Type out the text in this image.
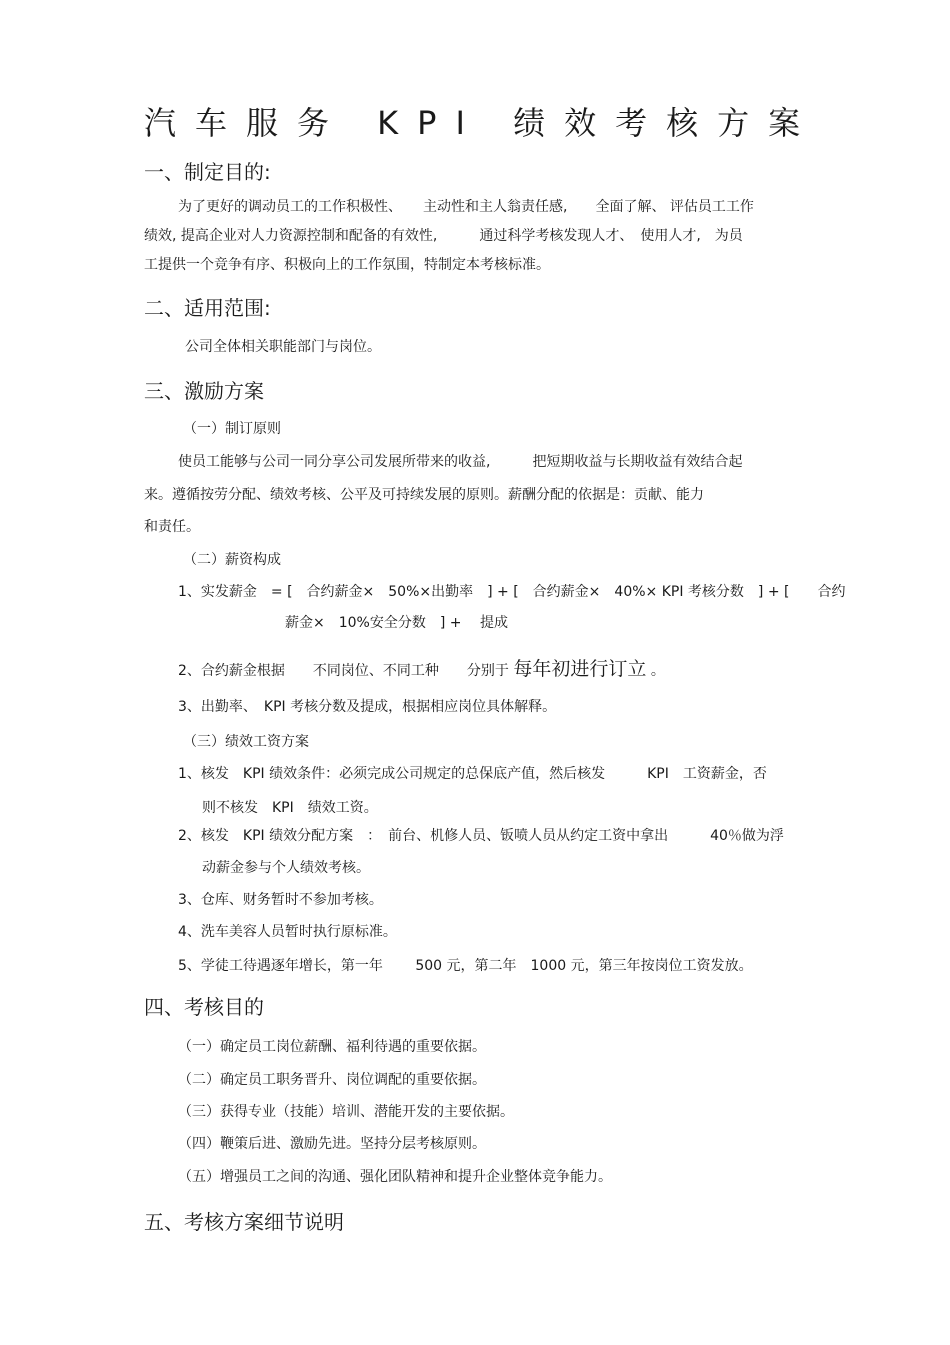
汽车服务 KPI 绩效考核方案
一、制定目的:

为了更好的调动员工的工作积极性、　　主动性和主人翁责任感,　　全面了解、 评估员工工作

绩效, 提高企业对人力资源控制和配备的有效性,　　　通过科学考核发现人才、　使用人才,　为员

工提供一个竞争有序、积极向上的工作氛围，特制定本考核标准。

二、适用范围:

公司全体相关职能部门与岗位。

三、激励方案

（一）制订原则

使员工能够与公司一同分享公司发展所带来的收益,　　　把短期收益与长期收益有效结合起

来。遵循按劳分配、绩效考核、公平及可持续发展的原则。薪酬分配的依据是：贡献、能力

和责任。

（二）薪资构成

1、实发薪金　= [　合约薪金×　50%×出勤率　] + [　合约薪金×　40%× KPI 考核分数　] + [　　合约

薪金×　10%安全分数　] +　 提成

2、合约薪金根据　　不同岗位、不同工种　　分别于 每年初进行订立 。

3、出勤率、　KPI 考核分数及提成，根据相应岗位具体解释。

（三）绩效工资方案

1、核发　KPI 绩效条件：必须完成公司规定的总保底产值，然后核发　　　KPI　工资薪金，否

则不核发　KPI　绩效工资。

2、核发　KPI 绩效分配方案　：　前台、机修人员、钣喷人员从约定工资中拿出　　　40％做为浮

动薪金参与个人绩效考核。

3、仓库、财务暂时不参加考核。

4、洗车美容人员暂时执行原标准。

5、学徒工待遇逐年增长，第一年　　 500 元，第二年　1000 元，第三年按岗位工资发放。

四、考核目的

（一）确定员工岗位薪酬、福利待遇的重要依据。

（二）确定员工职务晋升、岗位调配的重要依据。

（三）获得专业（技能）培训、潜能开发的主要依据。

（四）鞭策后进、激励先进。坚持分层考核原则。

（五）增强员工之间的沟通、强化团队精神和提升企业整体竞争能力。

五、考核方案细节说明
